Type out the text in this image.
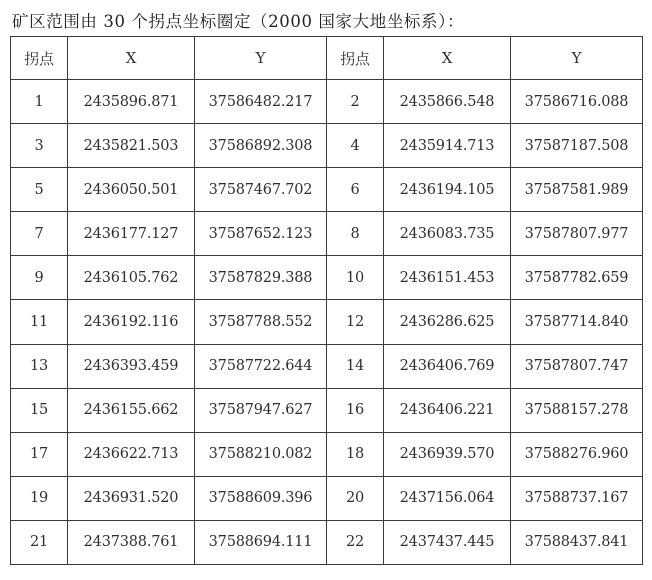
矿区范围由 30 个拐点坐标圈定（2000 国家大地坐标系）：
拐点	X	Y	拐点	X	Y
1	2435896.871	37586482.217	2	2435866.548	37586716.088
3	2435821.503	37586892.308	4	2435914.713	37587187.508
5	2436050.501	37587467.702	6	2436194.105	37587581.989
7	2436177.127	37587652.123	8	2436083.735	37587807.977
9	2436105.762	37587829.388	10	2436151.453	37587782.659
11	2436192.116	37587788.552	12	2436286.625	37587714.840
13	2436393.459	37587722.644	14	2436406.769	37587807.747
15	2436155.662	37587947.627	16	2436406.221	37588157.278
17	2436622.713	37588210.082	18	2436939.570	37588276.960
19	2436931.520	37588609.396	20	2437156.064	37588737.167
21	2437388.761	37588694.111	22	2437437.445	37588437.841
